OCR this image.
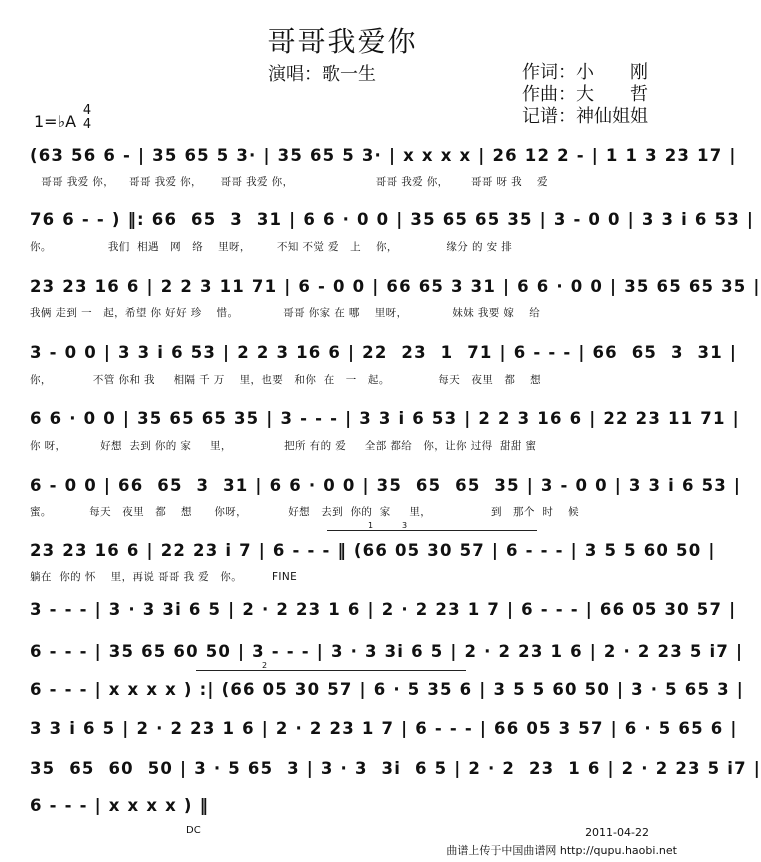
哥哥我爱你
演唱：歌一生	作词：小　　刚
作曲：大　　哲
记谱：神仙姐姐
1=♭A
4
4
(63 56 6 - | 35 65 5 3· | 35 65 5 3· | x x x x | 26 12 2 - | 1 1 3 23 17 |
哥哥 我爱 你，    哥哥 我爱 你，     哥哥 我爱 你，                      哥哥 我爱 你，      哥哥 呀 我    爱
76 6 - - ) ‖: 66  65  3  31 | 6 6 · 0 0 | 35 65 65 35 | 3 - 0 0 | 3 3 i 6 53 |
你。               我们  相遇   网   络    里呀，       不知 不觉 爱   上    你，             缘分 的 安 排
23 23 16 6 | 2 2 3 11 71 | 6 - 0 0 | 66 65 3 31 | 6 6 · 0 0 | 35 65 65 35 |
我俩 走到 一   起，希望 你 好好 珍    惜。            哥哥 你家 在 哪    里呀，            妹妹 我要 嫁    给
3 - 0 0 | 3 3 i 6 53 | 2 2 3 16 6 | 22  23  1  71 | 6 - - - | 66  65  3  31 |
你，           不管 你和 我     相隔 千 万    里，也要   和你  在   一   起。             每天   夜里   都    想
6 6 · 0 0 | 35 65 65 35 | 3 - - - | 3 3 i 6 53 | 2 2 3 16 6 | 22 23 11 71 |
你 呀，         好想  去到 你的 家     里，              把所 有的 爱     全部 都给   你，让你 过得  甜甜 蜜
6 - 0 0 | 66  65  3  31 | 6 6 · 0 0 | 35  65  65  35 | 3 - 0 0 | 3 3 i 6 53 |
蜜。          每天   夜里   都    想      你呀，           好想   去到  你的  家     里，                到   那个  时    候
23 23 16 6 | 22 23 i 7 | 6 - - - ‖ (66 05 30 57 | 6 - - - | 3 5 5 60 50 |
躺在  你的 怀    里，再说 哥哥 我 爱   你。        FINE
3 - - - | 3 · 3 3i 6 5 | 2 · 2 23 1 6 | 2 · 2 23 1 7 | 6 - - - | 66 05 30 57 |
6 - - - | 35 65 60 50 | 3 - - - | 3 · 3 3i 6 5 | 2 · 2 23 1 6 | 2 · 2 23 5 i7 |
6 - - - | x x x x ) :| (66 05 30 57 | 6 · 5 35 6 | 3 5 5 60 50 | 3 · 5 65 3 |
3 3 i 6 5 | 2 · 2 23 1 6 | 2 · 2 23 1 7 | 6 - - - | 66 05 3 57 | 6 · 5 65 6 |
35  65  60  50 | 3 · 5 65  3 | 3 · 3  3i  6 5 | 2 · 2  23  1 6 | 2 · 2 23 5 i7 |
6 - - - | x x x x ) ‖
1	3
2
DC	2011-04-22
曲谱上传于中国曲谱网 http://qupu.haobi.net
